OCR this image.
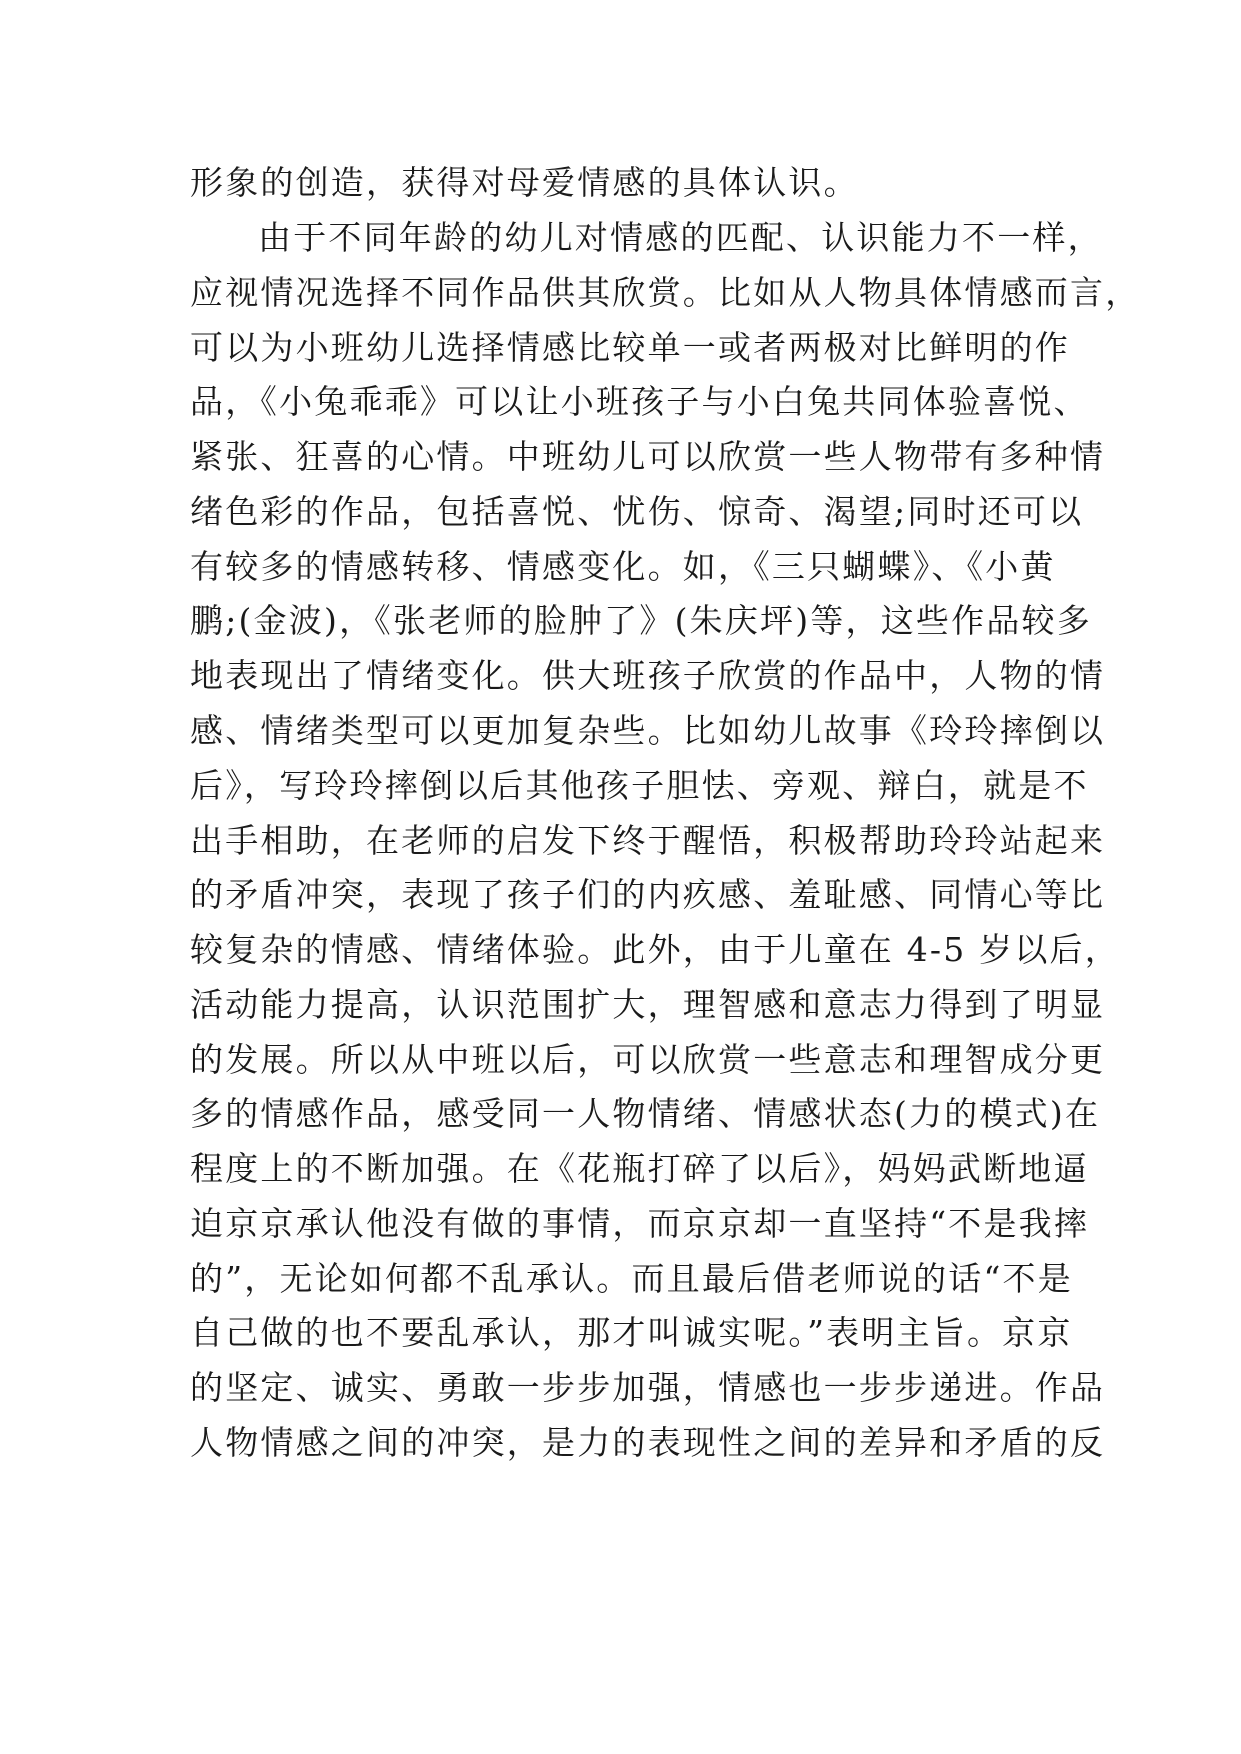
形象的创造，获得对母爱情感的具体认识。
由于不同年龄的幼儿对情感的匹配、认识能力不一样，
应视情况选择不同作品供其欣赏。比如从人物具体情感而言，
可以为小班幼儿选择情感比较单一或者两极对比鲜明的作
品，《小兔乖乖》可以让小班孩子与小白兔共同体验喜悦、
紧张、狂喜的心情。中班幼儿可以欣赏一些人物带有多种情
绪色彩的作品，包括喜悦、忧伤、惊奇、渴望;同时还可以
有较多的情感转移、情感变化。如，《三只蝴蝶》、《小黄
鹏;(金波)，《张老师的脸肿了》(朱庆坪)等，这些作品较多
地表现出了情绪变化。供大班孩子欣赏的作品中，人物的情
感、情绪类型可以更加复杂些。比如幼儿故事《玲玲摔倒以
后》，写玲玲摔倒以后其他孩子胆怯、旁观、辩白，就是不
出手相助，在老师的启发下终于醒悟，积极帮助玲玲站起来
的矛盾冲突，表现了孩子们的内疚感、羞耻感、同情心等比
较复杂的情感、情绪体验。此外，由于儿童在 4-5 岁以后，
活动能力提高，认识范围扩大，理智感和意志力得到了明显
的发展。所以从中班以后，可以欣赏一些意志和理智成分更
多的情感作品，感受同一人物情绪、情感状态(力的模式)在
程度上的不断加强。在《花瓶打碎了以后》，妈妈武断地逼
迫京京承认他没有做的事情，而京京却一直坚持“不是我摔
的”，无论如何都不乱承认。而且最后借老师说的话“不是
自己做的也不要乱承认，那才叫诚实呢。”表明主旨。京京
的坚定、诚实、勇敢一步步加强，情感也一步步递进。作品
人物情感之间的冲突，是力的表现性之间的差异和矛盾的反
